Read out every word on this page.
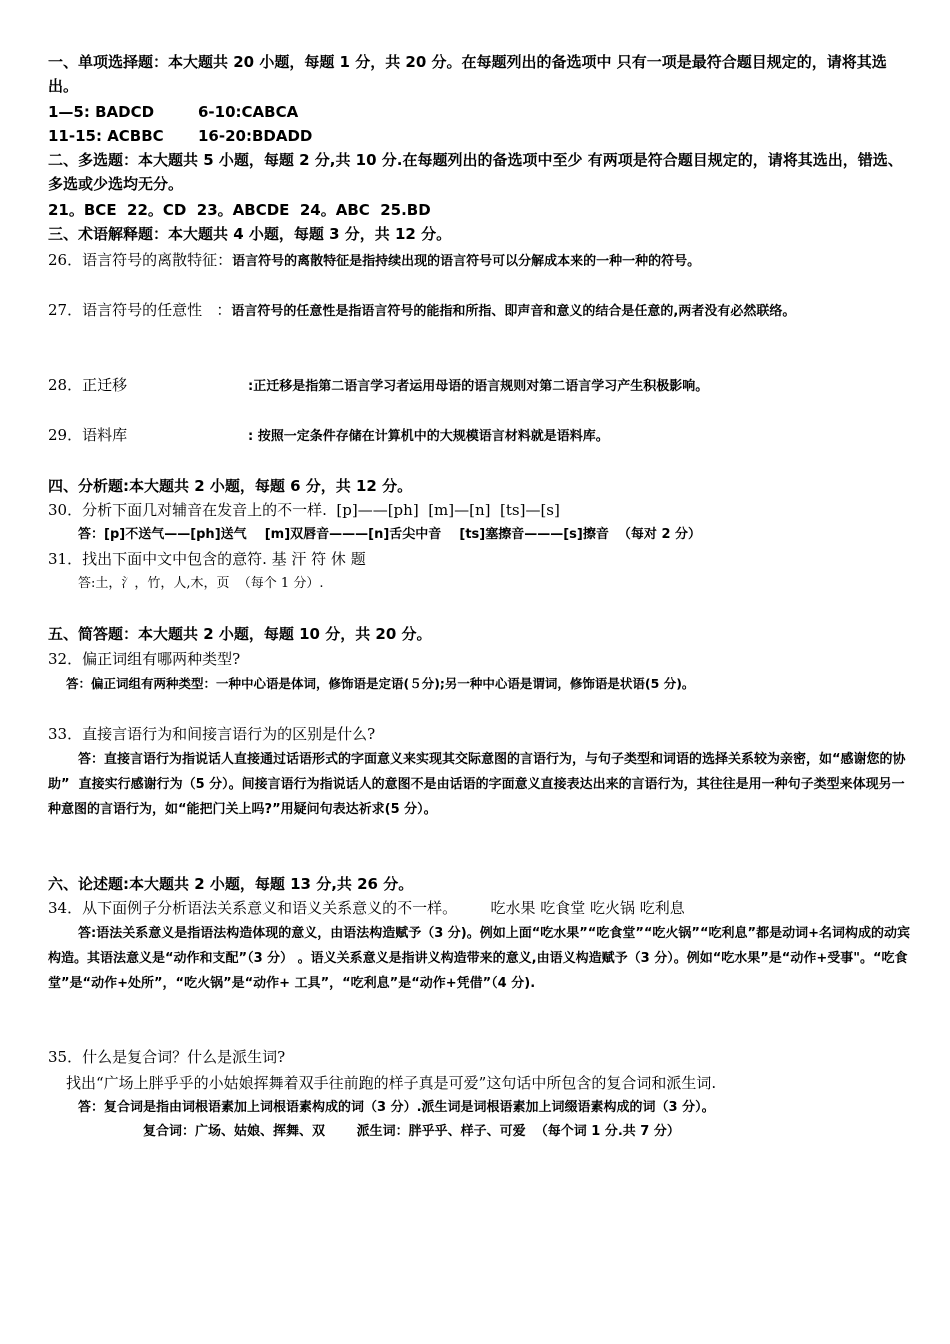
一、单项选择题：本大题共 20 小题，每题 1 分，共 20 分。在每题列出的备选项中 只有一项是最符合题目规定的，请将其选出。
1—5: BADCD	6-10:CABCA
11-15: ACBBC 16-20:BDADD
二、多选题：本大题共 5 小题，每题 2 分,共 10 分.在每题列出的备选项中至少 有两项是符合题目规定的，请将其选出，错选、多选或少选均无分。
21。BCE  22。CD  23。ABCDE  24。ABC  25.BD
三、术语解释题：本大题共 4 小题，每题 3 分，共 12 分。
26．语言符号的离散特征：语言符号的离散特征是指持续出现的语言符号可以分解成本来的一种一种的符号。
27．语言符号的任意性   ：语言符号的任意性是指语言符号的能指和所指、即声音和意义的结合是任意的,两者没有必然联络。
28．正迁移	:正迁移是指第二语言学习者运用母语的语言规则对第二语言学习产生积极影响。
29．语料库	: 按照一定条件存储在计算机中的大规模语言材料就是语料库。
四、分析题:本大题共 2 小题，每题 6 分，共 12 分。
30．分析下面几对辅音在发音上的不一样.  [p]——[ph]  [m]—[n]  [ts]—[s]
答：[p]不送气——[ph]送气    [m]双唇音———[n]舌尖中音    [ts]塞擦音———[s]擦音  （每对 2 分）
31．找出下面中文中包含的意符. 基 汗 符 休 题
答:土，氵，竹，人,木，页  （每个 1 分）.
五、简答题：本大题共 2 小题，每题 10 分，共 20 分。
32．偏正词组有哪两种类型?
答：偏正词组有两种类型：一种中心语是体词，修饰语是定语(５分);另一种中心语是谓词，修饰语是状语(5 分)。
33．直接言语行为和间接言语行为的区别是什么?
答：直接言语行为指说话人直接通过话语形式的字面意义来实现其交际意图的言语行为，与句子类型和词语的选择关系较为亲密，如“感谢您的协助”  直接实行感谢行为（5 分）。间接言语行为指说话人的意图不是由话语的字面意义直接表达出来的言语行为，其往往是用一种句子类型来体现另一种意图的言语行为，如“能把门关上吗?”用疑问句表达祈求(5 分）。
六、论述题:本大题共 2 小题，每题 13 分,共 26 分。
34．从下面例子分析语法关系意义和语义关系意义的不一样。       吃水果 吃食堂 吃火锅 吃利息
答:语法关系意义是指语法构造体现的意义，由语法构造赋予（3 分)。例如上面“吃水果”“吃食堂”“吃火锅”“吃利息”都是动词+名词构成的动宾构造。其语法意义是“动作和支配”（3 分） 。语义关系意义是指讲义构造带来的意义,由语义构造赋予（3 分）。例如“吃水果”是“动作+受事"。“吃食堂”是“动作+处所”，“吃火锅”是“动作+ 工具”，“吃利息”是“动作+凭借”（4 分).
35．什么是复合词？什么是派生词?
找出“广场上胖乎乎的小姑娘挥舞着双手往前跑的样子真是可爱”这句话中所包含的复合词和派生词.
答：复合词是指由词根语素加上词根语素构成的词（3 分）.派生词是词根语素加上词缀语素构成的词（3 分）。
复合词：广场、姑娘、挥舞、双       派生词：胖乎乎、样子、可爱  （每个词 1 分.共 7 分）
